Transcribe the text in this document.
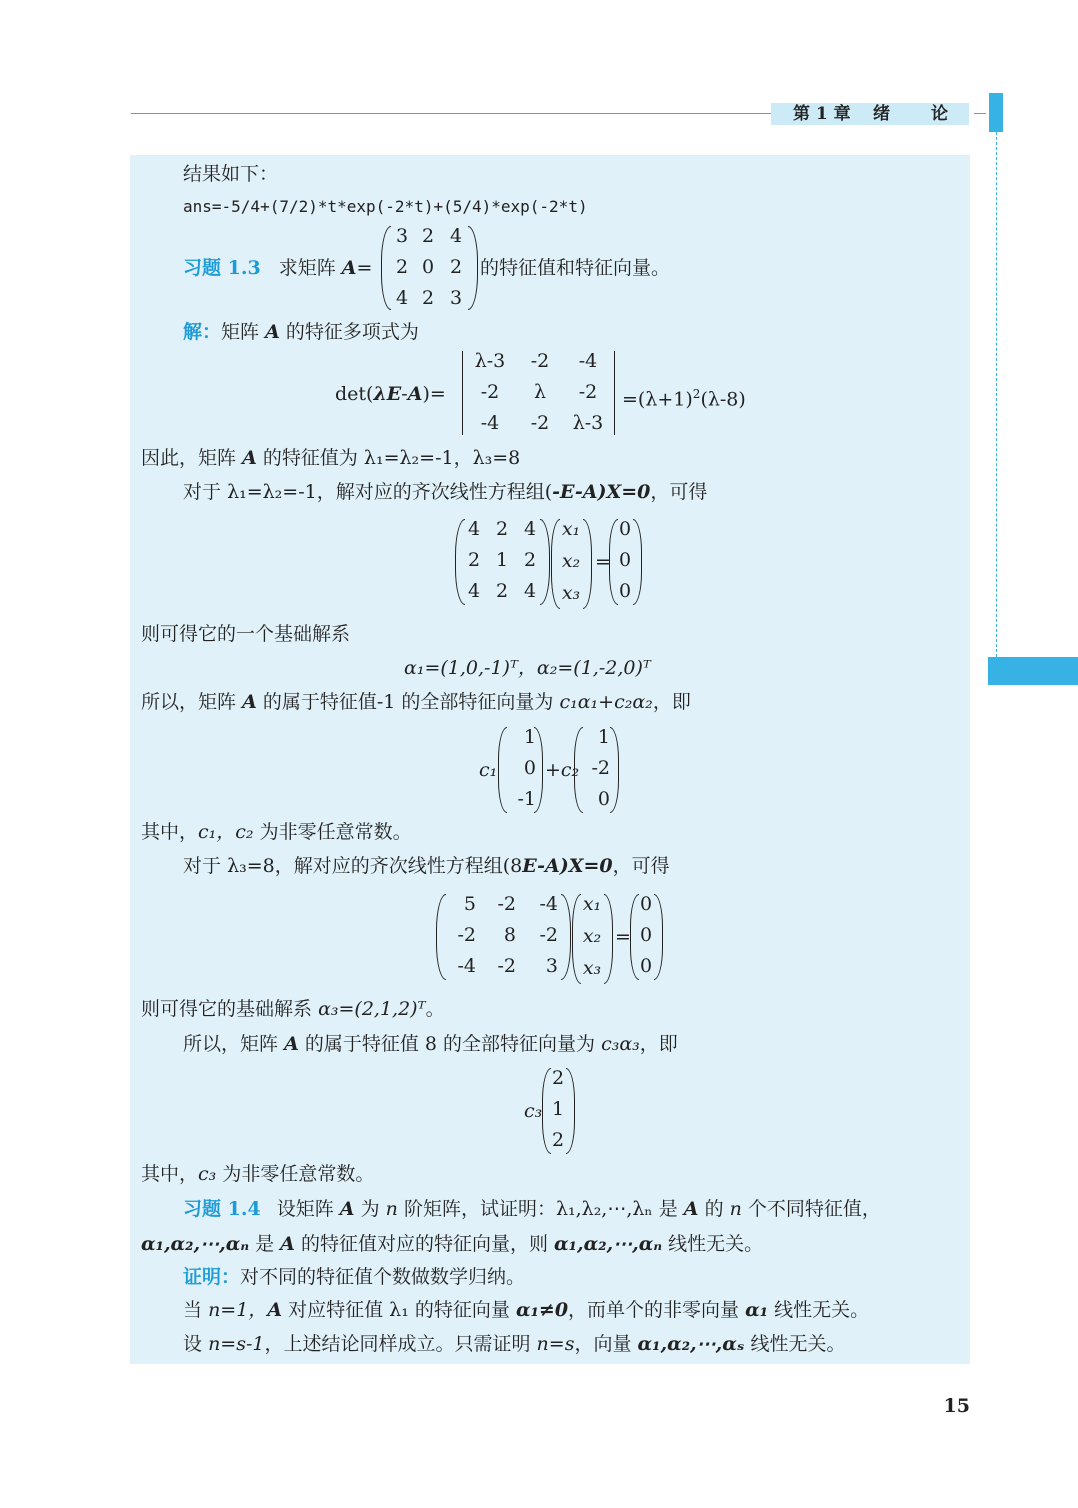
第 1 章 绪 论
结果如下：
ans=-5/4+(7/2)*t*exp(-2*t)+(5/4)*exp(-2*t)
习题 1.3 求矩阵 A=
3 2 4
2 0 2
4 2 3
的特征值和特征向量。
解：矩阵 A 的特征多项式为
det(λE-A)=
λ-3	-2	-4
-2	λ	-2
-4	-2	λ-3
$=(\lambda+1)^2(\lambda-8)$
因此，矩阵 A 的特征值为 λ₁=λ₂=-1，λ₃=8
对于 λ₁=λ₂=-1，解对应的齐次线性方程组(-E-A)X=0，可得
4 2 4
2 1 2
4 2 4
x₁
x₂
x₃
=
0
0
0
则可得它的一个基础解系
α₁=(1,0,-1)ᵀ，α₂=(1,-2,0)ᵀ
所以，矩阵 A 的属于特征值-1 的全部特征向量为 c₁α₁+c₂α₂，即
c₁
1
0
-1
+c₂
1
-2
0
其中，c₁，c₂ 为非零任意常数。
对于 λ₃=8，解对应的齐次线性方程组(8E-A)X=0，可得
5	-2	-4
-2	8	-2
-4	-2	3
x₁
x₂
x₃
=
0
0
0
则可得它的基础解系 α₃=(2,1,2)ᵀ。
所以，矩阵 A 的属于特征值 8 的全部特征向量为 c₃α₃，即
c₃
2
1
2
其中，c₃ 为非零任意常数。
习题 1.4 设矩阵 A 为 n 阶矩阵，试证明：λ₁,λ₂,⋯,λₙ 是 A 的 n 个不同特征值，
α₁,α₂,⋯,αₙ 是 A 的特征值对应的特征向量，则 α₁,α₂,⋯,αₙ 线性无关。
证明：对不同的特征值个数做数学归纳。
当 n=1，A 对应特征值 λ₁ 的特征向量 α₁≠0，而单个的非零向量 α₁ 线性无关。
设 n=s-1，上述结论同样成立。只需证明 n=s，向量 α₁,α₂,⋯,αₛ 线性无关。
15
